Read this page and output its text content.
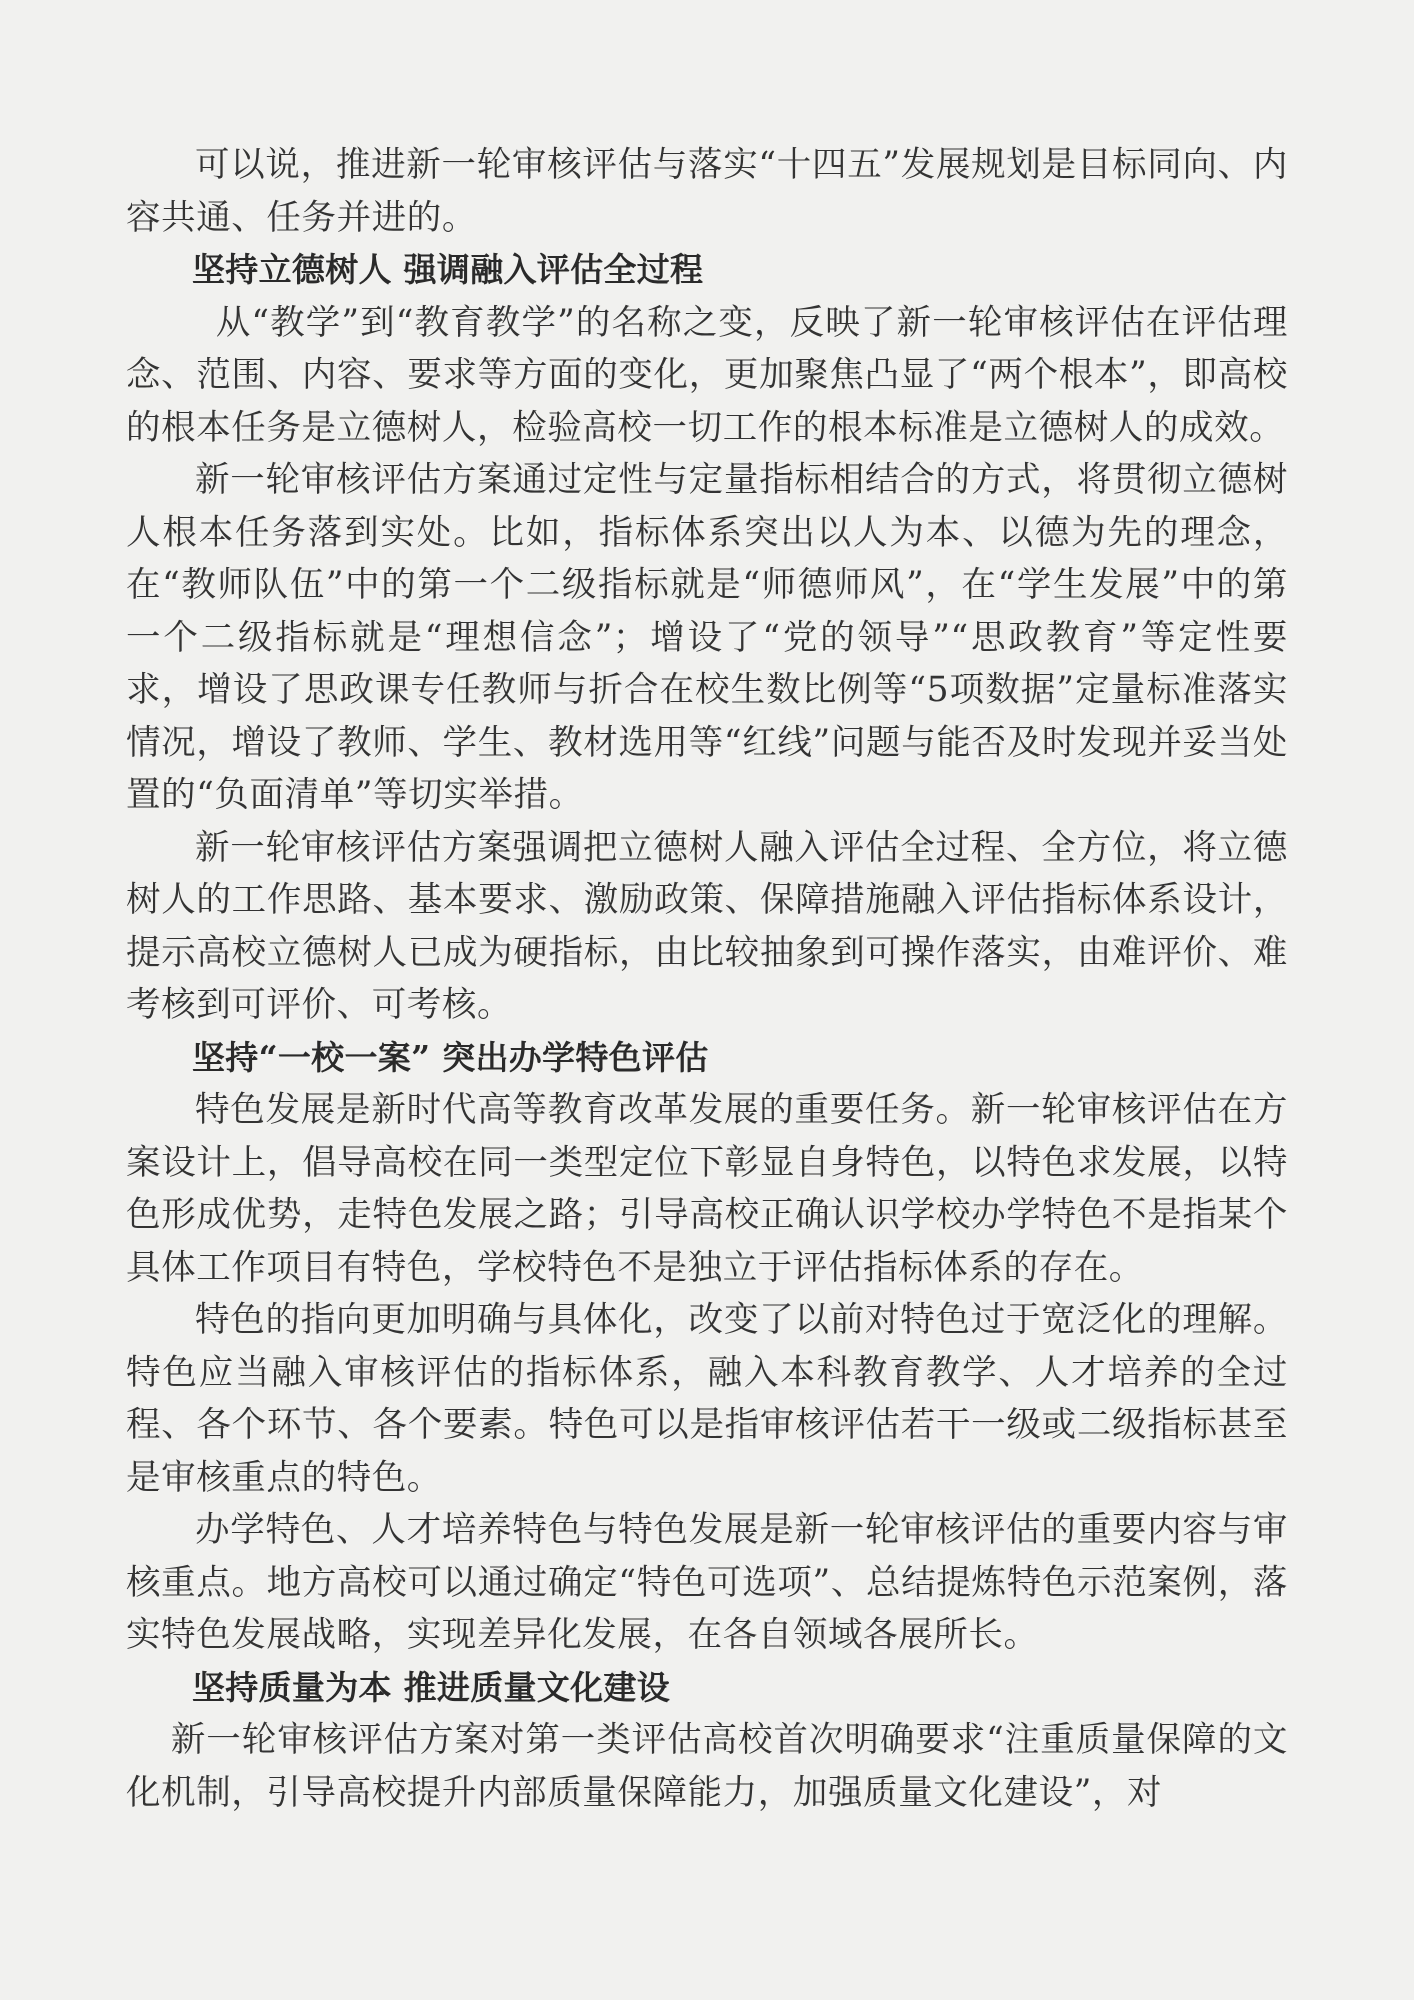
可以说，推进新一轮审核评估与落实“十四五”发展规划是目标同向、内容共通、任务并进的。

坚持立德树人 强调融入评估全过程

从“教学”到“教育教学”的名称之变，反映了新一轮审核评估在评估理念、范围、内容、要求等方面的变化，更加聚焦凸显了“两个根本”，即高校的根本任务是立德树人，检验高校一切工作的根本标准是立德树人的成效。

新一轮审核评估方案通过定性与定量指标相结合的方式，将贯彻立德树人根本任务落到实处。比如，指标体系突出以人为本、以德为先的理念，在“教师队伍”中的第一个二级指标就是“师德师风”，在“学生发展”中的第一个二级指标就是“理想信念”；增设了“党的领导”“思政教育”等定性要求，增设了思政课专任教师与折合在校生数比例等“5项数据”定量标准落实情况，增设了教师、学生、教材选用等“红线”问题与能否及时发现并妥当处置的“负面清单”等切实举措。

新一轮审核评估方案强调把立德树人融入评估全过程、全方位，将立德树人的工作思路、基本要求、激励政策、保障措施融入评估指标体系设计，提示高校立德树人已成为硬指标，由比较抽象到可操作落实，由难评价、难考核到可评价、可考核。

坚持“一校一案” 突出办学特色评估

特色发展是新时代高等教育改革发展的重要任务。新一轮审核评估在方案设计上，倡导高校在同一类型定位下彰显自身特色，以特色求发展，以特色形成优势，走特色发展之路；引导高校正确认识学校办学特色不是指某个具体工作项目有特色，学校特色不是独立于评估指标体系的存在。

特色的指向更加明确与具体化，改变了以前对特色过于宽泛化的理解。特色应当融入审核评估的指标体系，融入本科教育教学、人才培养的全过程、各个环节、各个要素。特色可以是指审核评估若干一级或二级指标甚至是审核重点的特色。

办学特色、人才培养特色与特色发展是新一轮审核评估的重要内容与审核重点。地方高校可以通过确定“特色可选项”、总结提炼特色示范案例，落实特色发展战略，实现差异化发展，在各自领域各展所长。

坚持质量为本 推进质量文化建设

新一轮审核评估方案对第一类评估高校首次明确要求“注重质量保障的文化机制，引导高校提升内部质量保障能力，加强质量文化建设”，对
